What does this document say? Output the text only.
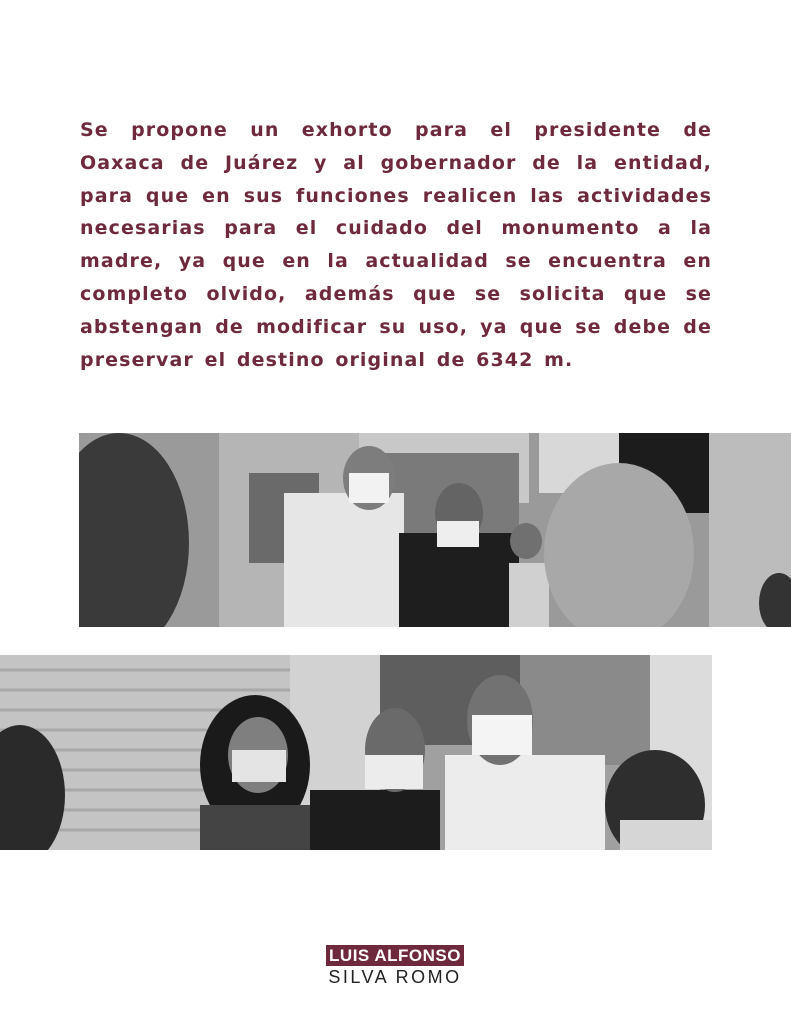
Se propone un exhorto para el presidente de Oaxaca de Juárez y al gobernador de la entidad, para que en sus funciones realicen las actividades necesarias para el cuidado del monumento a la madre, ya que en la actualidad se encuentra en completo olvido, además que se solicita que se abstengan de modificar su uso, ya que se debe de preservar el destino original de 6342 m.

LUIS ALFONSO
SILVA ROMO
